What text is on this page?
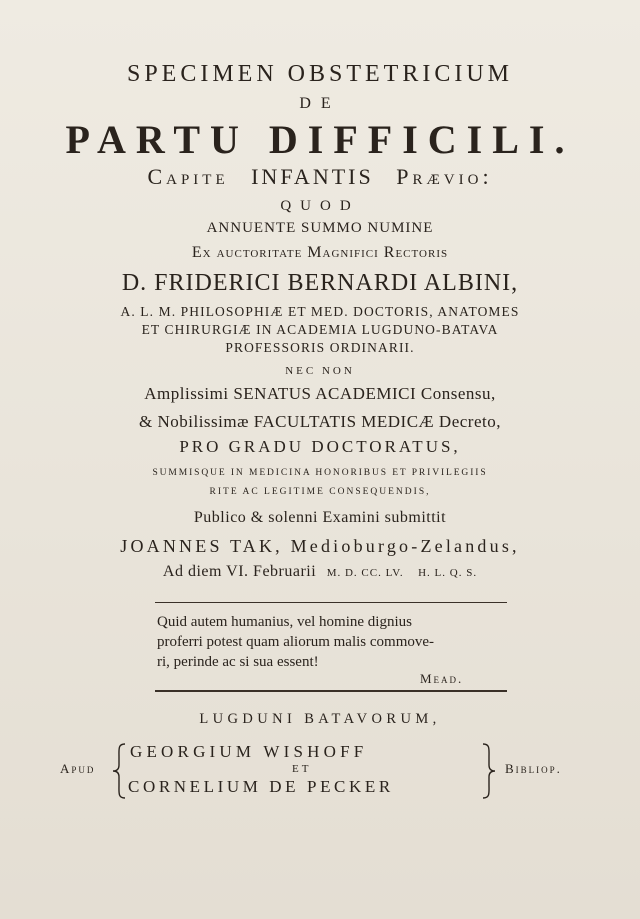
SPECIMEN OBSTETRICIUM
DE
PARTU DIFFICILI.
Capite INFANTIS Prævio:
QUOD
ANNUENTE SUMMO NUMINE
Ex auctoritate Magnifici Rectoris
D. FRIDERICI BERNARDI ALBINI,
A. L. M. PHILOSOPHIÆ ET MED. DOCTORIS, ANATOMES
ET CHIRURGIÆ IN ACADEMIA LUGDUNO-BATAVA
PROFESSORIS ORDINARII.
NEC NON
Amplissimi SENATUS ACADEMICI Consensu,
& Nobilissimæ FACULTATIS MEDICÆ Decreto,
PRO GRADU DOCTORATUS,
SUMMISQUE IN MEDICINA HONORIBUS ET PRIVILEGIIS
RITE AC LEGITIME CONSEQUENDIS,
Publico & solenni Examini submittit
JOANNES TAK, Medioburgo-Zelandus,
Ad diem VI. Februarii M. D. CC. LV. H. L. Q. S.
Quid autem humanius, vel homine dignius
proferri potest quam aliorum malis commove-
ri, perinde ac si sua essent!
Mead.
LUGDUNI BATAVORUM,
Apud
GEORGIUM WISHOFF
ET
CORNELIUM DE PECKER
Bibliop.
